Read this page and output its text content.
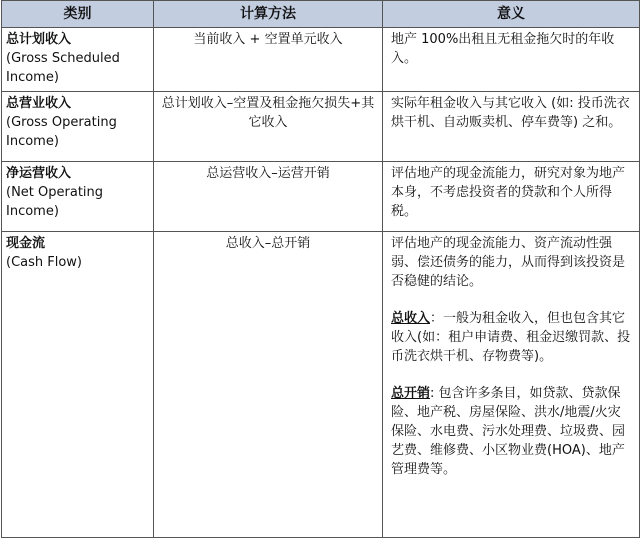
类别	计算方法	意义

总计划收入
(Gross Scheduled Income)	当前收入 + 空置单元收入	地产 100%出租且无租金拖欠时的年收入。

总营业收入
(Gross Operating Income)	总计划收入–空置及租金拖欠损失+其它收入	实际年租金收入与其它收入 (如: 投币洗衣烘干机、自动贩卖机、停车费等) 之和。

净运营收入
(Net Operating Income)	总运营收入–运营开销	评估地产的现金流能力，研究对象为地产本身，不考虑投资者的贷款和个人所得税。

现金流
(Cash Flow)	总收入–总开销	评估地产的现金流能力、资产流动性强弱、偿还债务的能力，从而得到该投资是否稳健的结论。
总收入：一般为租金收入，但也包含其它收入(如：租户申请费、租金迟缴罚款、投币洗衣烘干机、存物费等)。
总开销: 包含许多条目，如贷款、贷款保险、地产税、房屋保险、洪水/地震/火灾保险、水电费、污水处理费、垃圾费、园艺费、维修费、小区物业费(HOA)、地产管理费等。
